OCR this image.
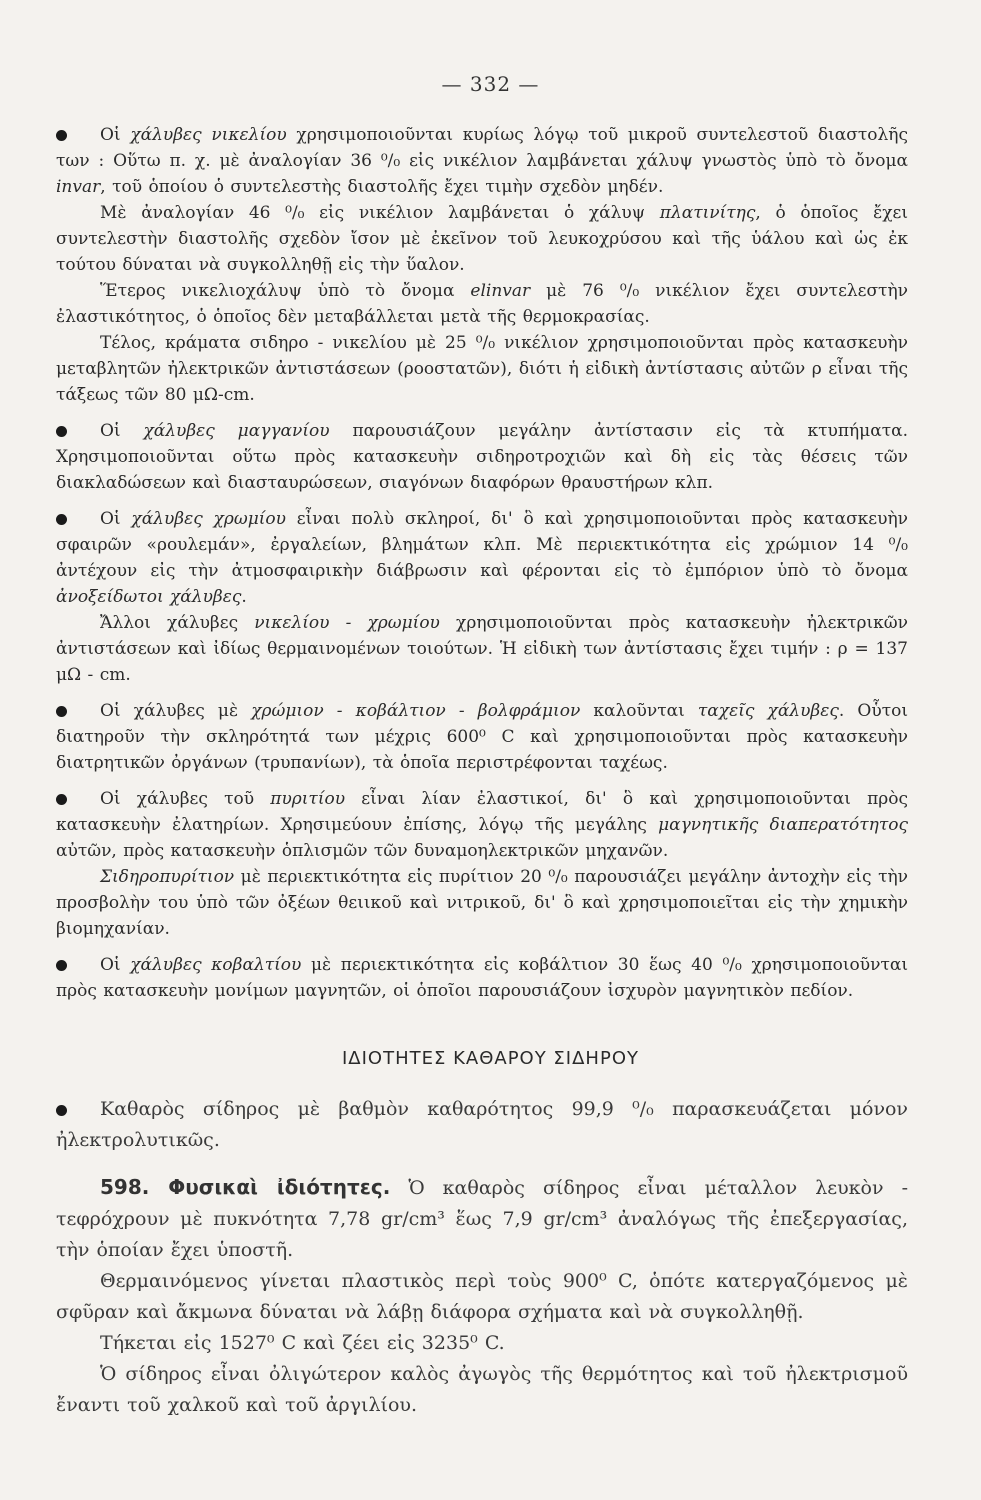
— 332 —

Οἱ χάλυβες νικελίου χρησιμοποιοῦνται κυρίως λόγῳ τοῦ μικροῦ συντελεστοῦ διαστολῆς των : Οὕτω π. χ. μὲ ἀναλογίαν 36 ⁰/₀ εἰς νικέλιον λαμβάνεται χάλυψ γνωστὸς ὑπὸ τὸ ὄνομα invar, τοῦ ὁποίου ὁ συντελεστὴς διαστολῆς ἔχει τιμὴν σχεδὸν μηδέν.

Μὲ ἀναλογίαν 46 ⁰/₀ εἰς νικέλιον λαμβάνεται ὁ χάλυψ πλατινίτης, ὁ ὁποῖος ἔχει συντελεστὴν διαστολῆς σχεδὸν ἴσον μὲ ἐκεῖνον τοῦ λευκοχρύσου καὶ τῆς ὑάλου καὶ ὡς ἐκ τούτου δύναται νὰ συγκολληθῇ εἰς τὴν ὕαλον.

Ἕτερος νικελιοχάλυψ ὑπὸ τὸ ὄνομα elinvar μὲ 76 ⁰/₀ νικέλιον ἔχει συντελεστὴν ἐλαστικότητος, ὁ ὁποῖος δὲν μεταβάλλεται μετὰ τῆς θερμοκρασίας.

Τέλος, κράματα σιδηρο - νικελίου μὲ 25 ⁰/₀ νικέλιον χρησιμοποιοῦνται πρὸς κατασκευὴν μεταβλητῶν ἠλεκτρικῶν ἀντιστάσεων (ροοστατῶν), διότι ἡ εἰδικὴ ἀντίστασις αὐτῶν ρ εἶναι τῆς τάξεως τῶν 80 μΩ-cm.

Οἱ χάλυβες μαγγανίου παρουσιάζουν μεγάλην ἀντίστασιν εἰς τὰ κτυπήματα. Χρησιμοποιοῦνται οὕτω πρὸς κατασκευὴν σιδηροτροχιῶν καὶ δὴ εἰς τὰς θέσεις τῶν διακλαδώσεων καὶ διασταυρώσεων, σιαγόνων διαφόρων θραυστήρων κλπ.

Οἱ χάλυβες χρωμίου εἶναι πολὺ σκληροί, δι' ὃ καὶ χρησιμοποιοῦνται πρὸς κατασκευὴν σφαιρῶν «ρουλεμάν», ἐργαλείων, βλημάτων κλπ. Μὲ περιεκτικότητα εἰς χρώμιον 14 ⁰/₀ ἀντέχουν εἰς τὴν ἀτμοσφαιρικὴν διάβρωσιν καὶ φέρονται εἰς τὸ ἐμπόριον ὑπὸ τὸ ὄνομα ἀνοξείδωτοι χάλυβες.

Ἄλλοι χάλυβες νικελίου - χρωμίου χρησιμοποιοῦνται πρὸς κατασκευὴν ἠλεκτρικῶν ἀντιστάσεων καὶ ἰδίως θερμαινομένων τοιούτων. Ἡ εἰδικὴ των ἀντίστασις ἔχει τιμήν : ρ = 137 μΩ - cm.

Οἱ χάλυβες μὲ χρώμιον - κοβάλτιον - βολφράμιον καλοῦνται ταχεῖς χάλυβες. Οὗτοι διατηροῦν τὴν σκληρότητά των μέχρις 600⁰ C καὶ χρησιμοποιοῦνται πρὸς κατασκευὴν διατρητικῶν ὀργάνων (τρυπανίων), τὰ ὁποῖα περιστρέφονται ταχέως.

Οἱ χάλυβες τοῦ πυριτίου εἶναι λίαν ἐλαστικοί, δι' ὃ καὶ χρησιμοποιοῦνται πρὸς κατασκευὴν ἐλατηρίων. Χρησιμεύουν ἐπίσης, λόγῳ τῆς μεγάλης μαγνητικῆς διαπερατότητος αὐτῶν, πρὸς κατασκευὴν ὁπλισμῶν τῶν δυναμοηλεκτρικῶν μηχανῶν.

Σιδηροπυρίτιον μὲ περιεκτικότητα εἰς πυρίτιον 20 ⁰/₀ παρουσιάζει μεγάλην ἀντοχὴν εἰς τὴν προσβολὴν του ὑπὸ τῶν ὀξέων θειικοῦ καὶ νιτρικοῦ, δι' ὃ καὶ χρησιμοποιεῖται εἰς τὴν χημικὴν βιομηχανίαν.

Οἱ χάλυβες κοβαλτίου μὲ περιεκτικότητα εἰς κοβάλτιον 30 ἕως 40 ⁰/₀ χρησιμοποιοῦνται πρὸς κατασκευὴν μονίμων μαγνητῶν, οἱ ὁποῖοι παρουσιάζουν ἰσχυρὸν μαγνητικὸν πεδίον.

ΙΔΙΟΤΗΤΕΣ ΚΑΘΑΡΟΥ ΣΙΔΗΡΟΥ

Καθαρὸς σίδηρος μὲ βαθμὸν καθαρότητος 99,9 ⁰/₀ παρασκευάζεται μόνον ἠλεκτρολυτικῶς.

598. Φυσικαὶ ἰδιότητες. Ὁ καθαρὸς σίδηρος εἶναι μέταλλον λευκὸν - τεφρόχρουν μὲ πυκνότητα 7,78 gr/cm³ ἕως 7,9 gr/cm³ ἀναλόγως τῆς ἐπεξεργασίας, τὴν ὁποίαν ἔχει ὑποστῆ.

Θερμαινόμενος γίνεται πλαστικὸς περὶ τοὺς 900⁰ C, ὁπότε κατεργαζόμενος μὲ σφῦραν καὶ ἄκμωνα δύναται νὰ λάβῃ διάφορα σχήματα καὶ νὰ συγκολληθῇ.

Τήκεται εἰς 1527⁰ C καὶ ζέει εἰς 3235⁰ C.

Ὁ σίδηρος εἶναι ὀλιγώτερον καλὸς ἀγωγὸς τῆς θερμότητος καὶ τοῦ ἠλεκτρισμοῦ ἔναντι τοῦ χαλκοῦ καὶ τοῦ ἀργιλίου.
